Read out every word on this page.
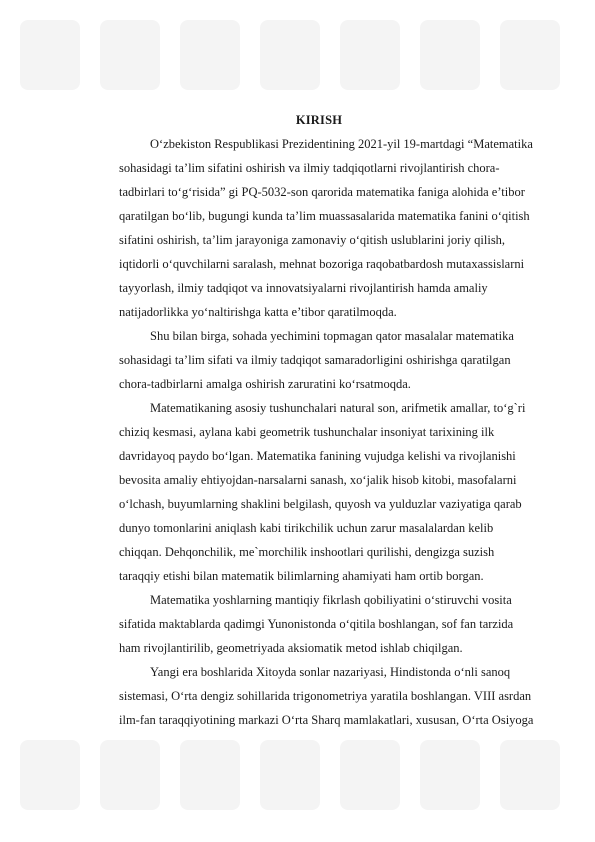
KIRISH
O‘zbekiston Respublikasi Prezidentining 2021-yil 19-martdagi “Matematika
sohasidagi ta’lim sifatini oshirish va ilmiy tadqiqotlarni rivojlantirish chora-
tadbirlari to‘g‘risida” gi PQ-5032-son qarorida matematika faniga alohida e’tibor
qaratilgan bo‘lib, bugungi kunda ta’lim muassasalarida matematika fanini o‘qitish
sifatini oshirish, ta’lim jarayoniga zamonaviy o‘qitish uslublarini joriy qilish,
iqtidorli o‘quvchilarni saralash, mehnat bozoriga raqobatbardosh mutaxassislarni
tayyorlash, ilmiy tadqiqot va innovatsiyalarni rivojlantirish hamda amaliy
natijadorlikka yo‘naltirishga katta e’tibor qaratilmoqda.
Shu bilan birga, sohada yechimini topmagan qator masalalar matematika
sohasidagi ta’lim sifati va ilmiy tadqiqot samaradorligini oshirishga qaratilgan
chora-tadbirlarni amalga oshirish zaruratini ko‘rsatmoqda.
Matematikaning asosiy tushunchalari natural son, arifmetik amallar, to‘g`ri
chiziq kesmasi, aylana kabi geometrik tushunchalar insoniyat tarixining ilk
davridayoq paydo bo‘lgan. Matematika fanining vujudga kelishi va rivojlanishi
bevosita amaliy ehtiyojdan-narsalarni sanash, xo‘jalik hisob kitobi, masofalarni
o‘lchash, buyumlarning shaklini belgilash, quyosh va yulduzlar vaziyatiga qarab
dunyo tomonlarini aniqlash kabi tirikchilik uchun zarur masalalardan kelib
chiqqan. Dehqonchilik, me`morchilik inshootlari qurilishi, dengizga suzish
taraqqiy etishi bilan matematik bilimlarning ahamiyati ham ortib borgan.
Matematika yoshlarning mantiqiy fikrlash qobiliyatini o‘stiruvchi vosita
sifatida maktablarda qadimgi Yunonistonda o‘qitila boshlangan, sof fan tarzida
ham rivojlantirilib, geometriyada aksiomatik metod ishlab chiqilgan.
Yangi era boshlarida Xitoyda sonlar nazariyasi, Hindistonda o‘nli sanoq
sistemasi, O‘rta dengiz sohillarida trigonometriya yaratila boshlangan. VIII asrdan
ilm-fan taraqqiyotining markazi O‘rta Sharq mamlakatlari, xususan, O‘rta Osiyoga
